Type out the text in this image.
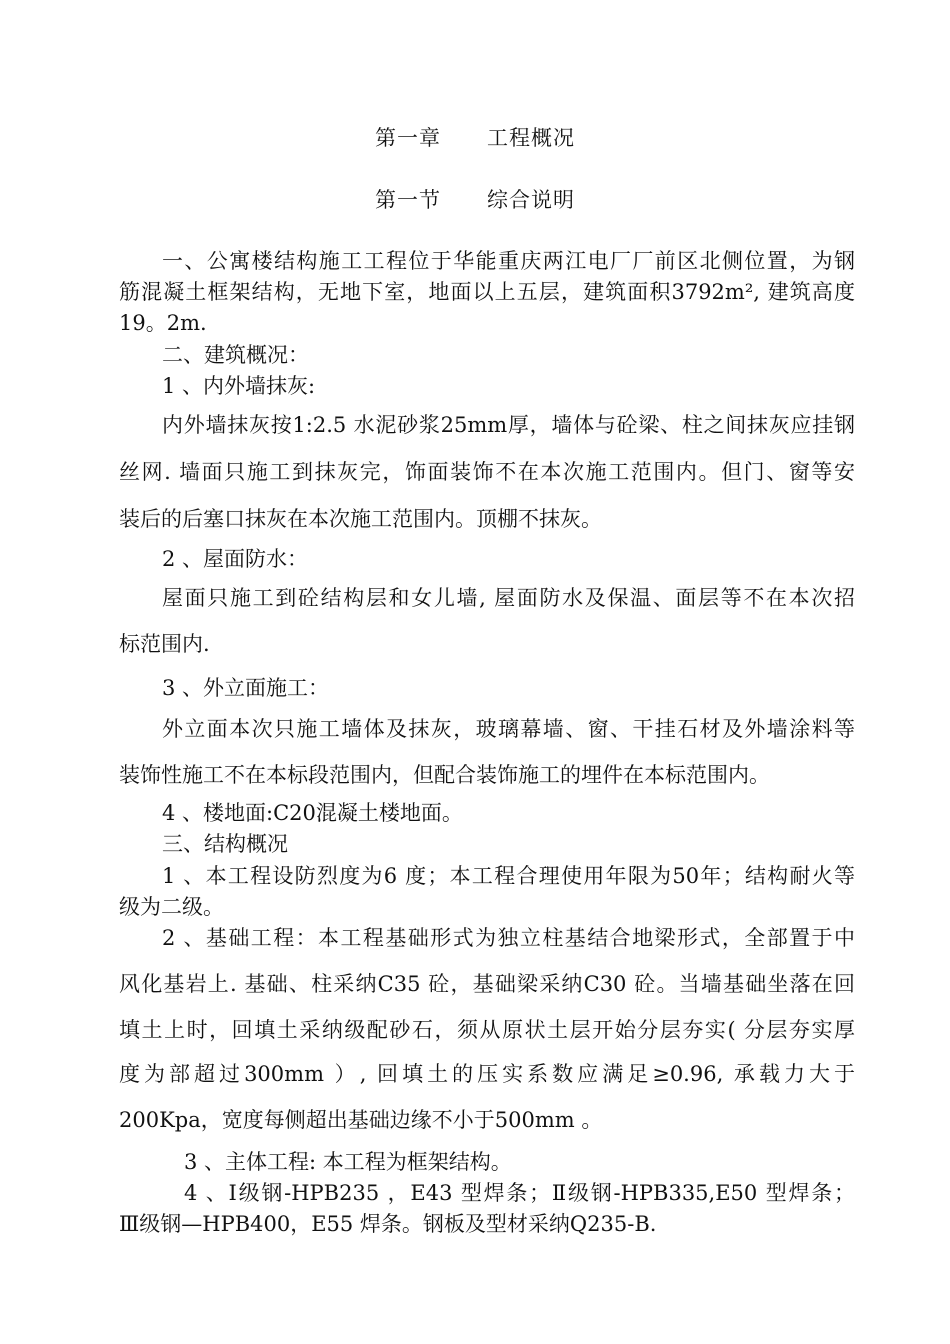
第一章      工程概况
第一节      综合说明
一、公寓楼结构施工工程位于华能重庆两江电厂厂前区北侧位置，为钢
筋混凝土框架结构，无地下室，地面以上五层，建筑面积3792m², 建筑高度
19。2m.
二、建筑概况：
1 、内外墙抹灰:
内外墙抹灰按1:2.5 水泥砂浆25mm厚，墙体与砼梁、柱之间抹灰应挂钢
丝网. 墙面只施工到抹灰完，饰面装饰不在本次施工范围内。但门、窗等安
装后的后塞口抹灰在本次施工范围内。顶棚不抹灰。
2 、屋面防水：
屋面只施工到砼结构层和女儿墙, 屋面防水及保温、面层等不在本次招
标范围内.
3 、外立面施工：
外立面本次只施工墙体及抹灰，玻璃幕墙、窗、干挂石材及外墙涂料等
装饰性施工不在本标段范围内，但配合装饰施工的埋件在本标范围内。
4 、楼地面:C20混凝土楼地面。
三、结构概况
1 、本工程设防烈度为6 度；本工程合理使用年限为50年；结构耐火等
级为二级。
2 、基础工程：本工程基础形式为独立柱基结合地梁形式，全部置于中
风化基岩上. 基础、柱采纳C35 砼，基础梁采纳C30 砼。当墙基础坐落在回
填土上时，回填土采纳级配砂石，须从原状土层开始分层夯实( 分层夯实厚
度为部超过300mm ）, 回填土的压实系数应满足≥0.96, 承载力大于
200Kpa，宽度每侧超出基础边缘不小于500mm 。
3 、主体工程: 本工程为框架结构。
4 、Ⅰ级钢-HPB235 ，E43 型焊条；Ⅱ级钢-HPB335,E50 型焊条；
Ⅲ级钢—HPB400，E55 焊条。钢板及型材采纳Q235-B.
